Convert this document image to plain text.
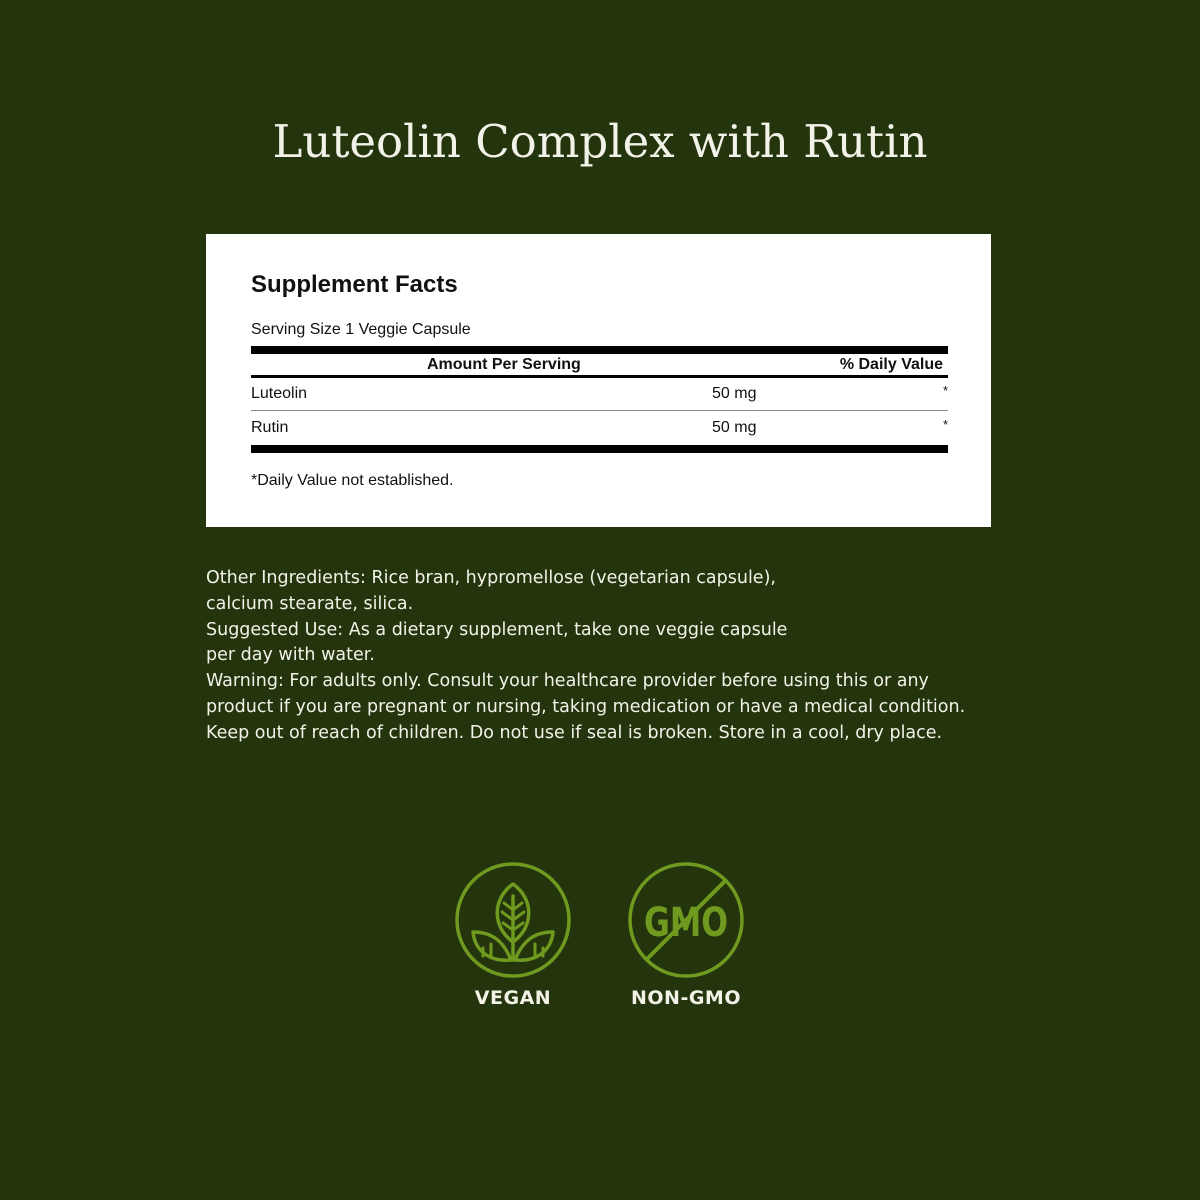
Luteolin Complex with Rutin
Supplement Facts
Serving Size 1 Veggie Capsule
Amount Per Serving	% Daily Value
Luteolin	50 mg	*
Rutin	50 mg	*
*Daily Value not established.
Other Ingredients: Rice bran, hypromellose (vegetarian capsule),
calcium stearate, silica.
Suggested Use: As a dietary supplement, take one veggie capsule
per day with water.
Warning: For adults only. Consult your healthcare provider before using this or any
product if you are pregnant or nursing, taking medication or have a medical condition.
Keep out of reach of children. Do not use if seal is broken. Store in a cool, dry place.
VEGAN
GMO
NON-GMO
